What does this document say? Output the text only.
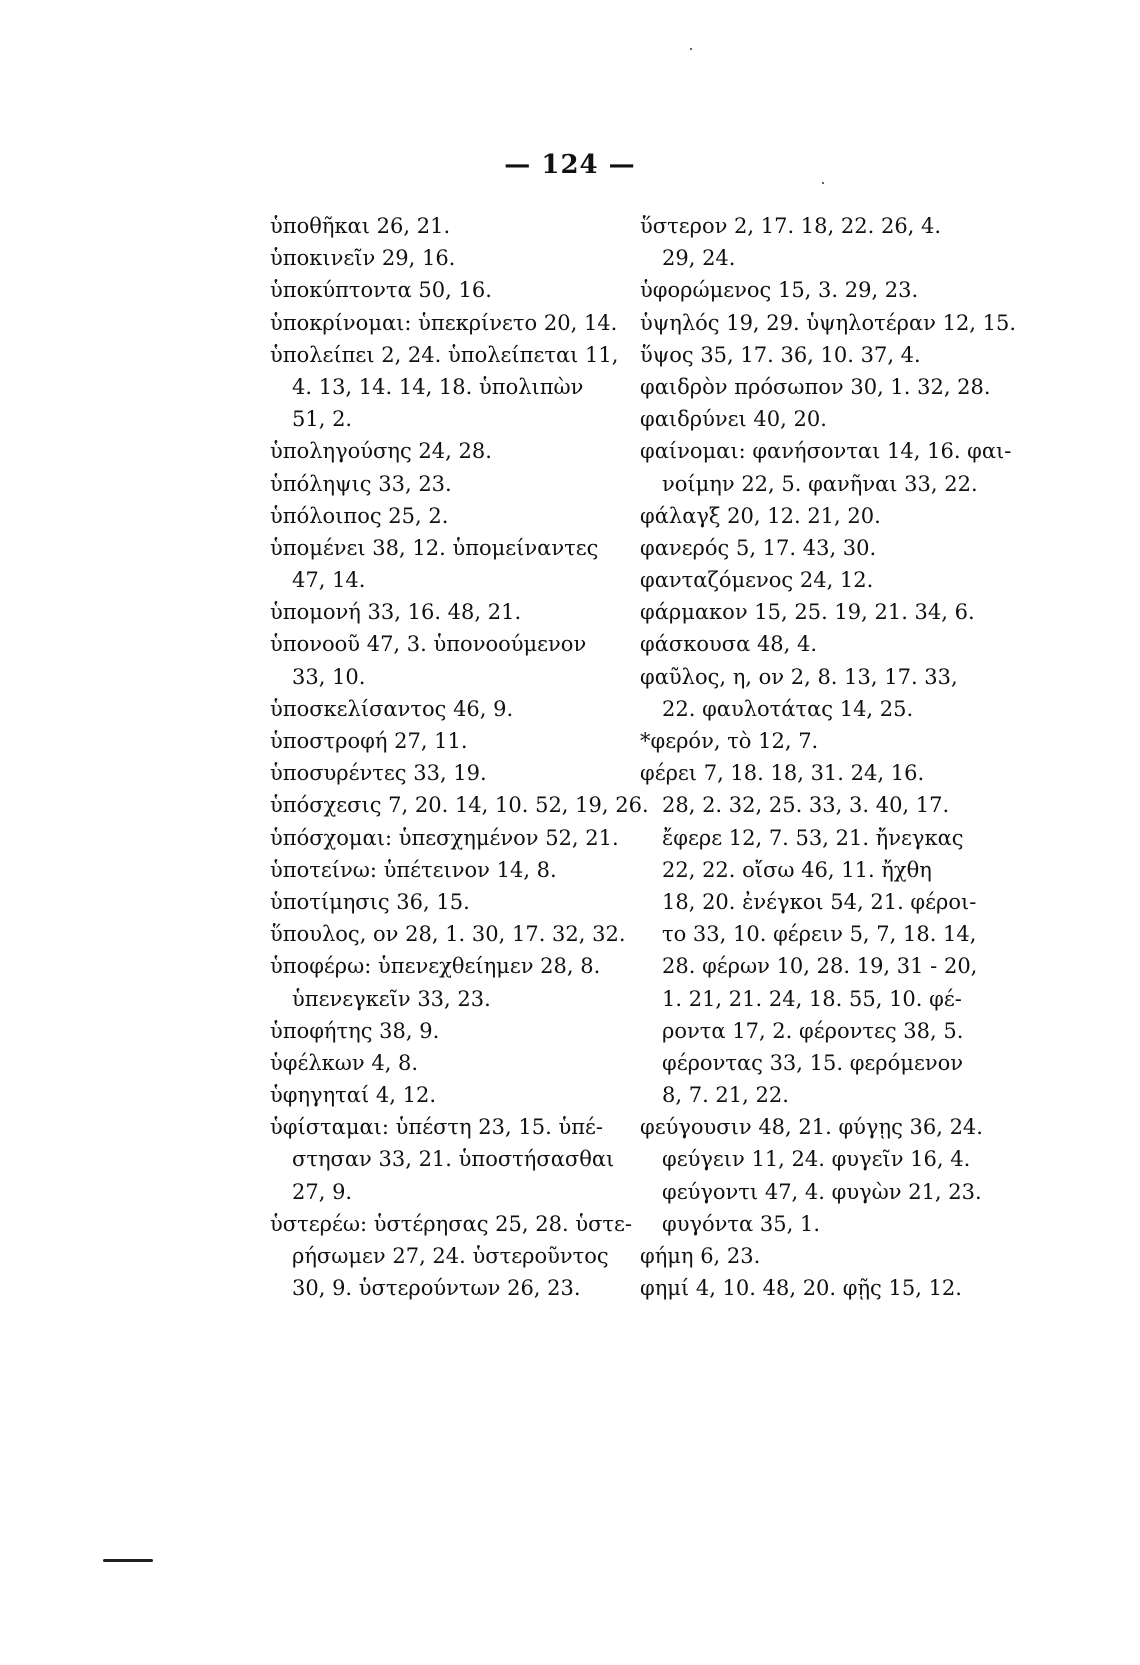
— 124 —
ὑποθῆκαι 26, 21.
ὑποκινεῖν 29, 16.
ὑποκύπτοντα 50, 16.
ὑποκρίνομαι: ὑπεκρίνετο 20, 14.
ὑπολείπει 2, 24. ὑπολείπεται 11,
4. 13, 14. 14, 18. ὑπολιπὼν
51, 2.
ὑποληγούσης 24, 28.
ὑπόληψις 33, 23.
ὑπόλοιπος 25, 2.
ὑπομένει 38, 12. ὑπομείναντες
47, 14.
ὑπομονή 33, 16. 48, 21.
ὑπονοοῦ 47, 3. ὑπονοούμενον
33, 10.
ὑποσκελίσαντος 46, 9.
ὑποστροφή 27, 11.
ὑποσυρέντες 33, 19.
ὑπόσχεσις 7, 20. 14, 10. 52, 19, 26.
ὑπόσχομαι: ὑπεσχημένον 52, 21.
ὑποτείνω: ὑπέτεινον 14, 8.
ὑποτίμησις 36, 15.
ὕπουλος, ον 28, 1. 30, 17. 32, 32.
ὑποφέρω: ὑπενεχθείημεν 28, 8.
ὑπενεγκεῖν 33, 23.
ὑποφήτης 38, 9.
ὑφέλκων 4, 8.
ὑφηγηταί 4, 12.
ὑφίσταμαι: ὑπέστη 23, 15. ὑπέ-
στησαν 33, 21. ὑποστήσασθαι
27, 9.
ὑστερέω: ὑστέρησας 25, 28. ὑστε-
ρήσωμεν 27, 24. ὑστεροῦντος
30, 9. ὑστερούντων 26, 23.
ὕστερον 2, 17. 18, 22. 26, 4.
29, 24.
ὑφορώμενος 15, 3. 29, 23.
ὑψηλός 19, 29. ὑψηλοτέραν 12, 15.
ὕψος 35, 17. 36, 10. 37, 4.
φαιδρὸν πρόσωπον 30, 1. 32, 28.
φαιδρύνει 40, 20.
φαίνομαι: φανήσονται 14, 16. φαι-
νοίμην 22, 5. φανῆναι 33, 22.
φάλαγξ 20, 12. 21, 20.
φανερός 5, 17. 43, 30.
φανταζόμενος 24, 12.
φάρμακον 15, 25. 19, 21. 34, 6.
φάσκουσα 48, 4.
φαῦλος, η, ον 2, 8. 13, 17. 33,
22. φαυλοτάτας 14, 25.
*φερόν, τὸ 12, 7.
φέρει 7, 18. 18, 31. 24, 16.
28, 2. 32, 25. 33, 3. 40, 17.
ἔφερε 12, 7. 53, 21. ἤνεγκας
22, 22. οἴσω 46, 11. ἤχθη
18, 20. ἐνέγκοι 54, 21. φέροι-
το 33, 10. φέρειν 5, 7, 18. 14,
28. φέρων 10, 28. 19, 31 - 20,
1. 21, 21. 24, 18. 55, 10. φέ-
ροντα 17, 2. φέροντες 38, 5.
φέροντας 33, 15. φερόμενον
8, 7. 21, 22.
φεύγουσιν 48, 21. φύγῃς 36, 24.
φεύγειν 11, 24. φυγεῖν 16, 4.
φεύγοντι 47, 4. φυγὼν 21, 23.
φυγόντα 35, 1.
φήμη 6, 23.
φημί 4, 10. 48, 20. φῇς 15, 12.
